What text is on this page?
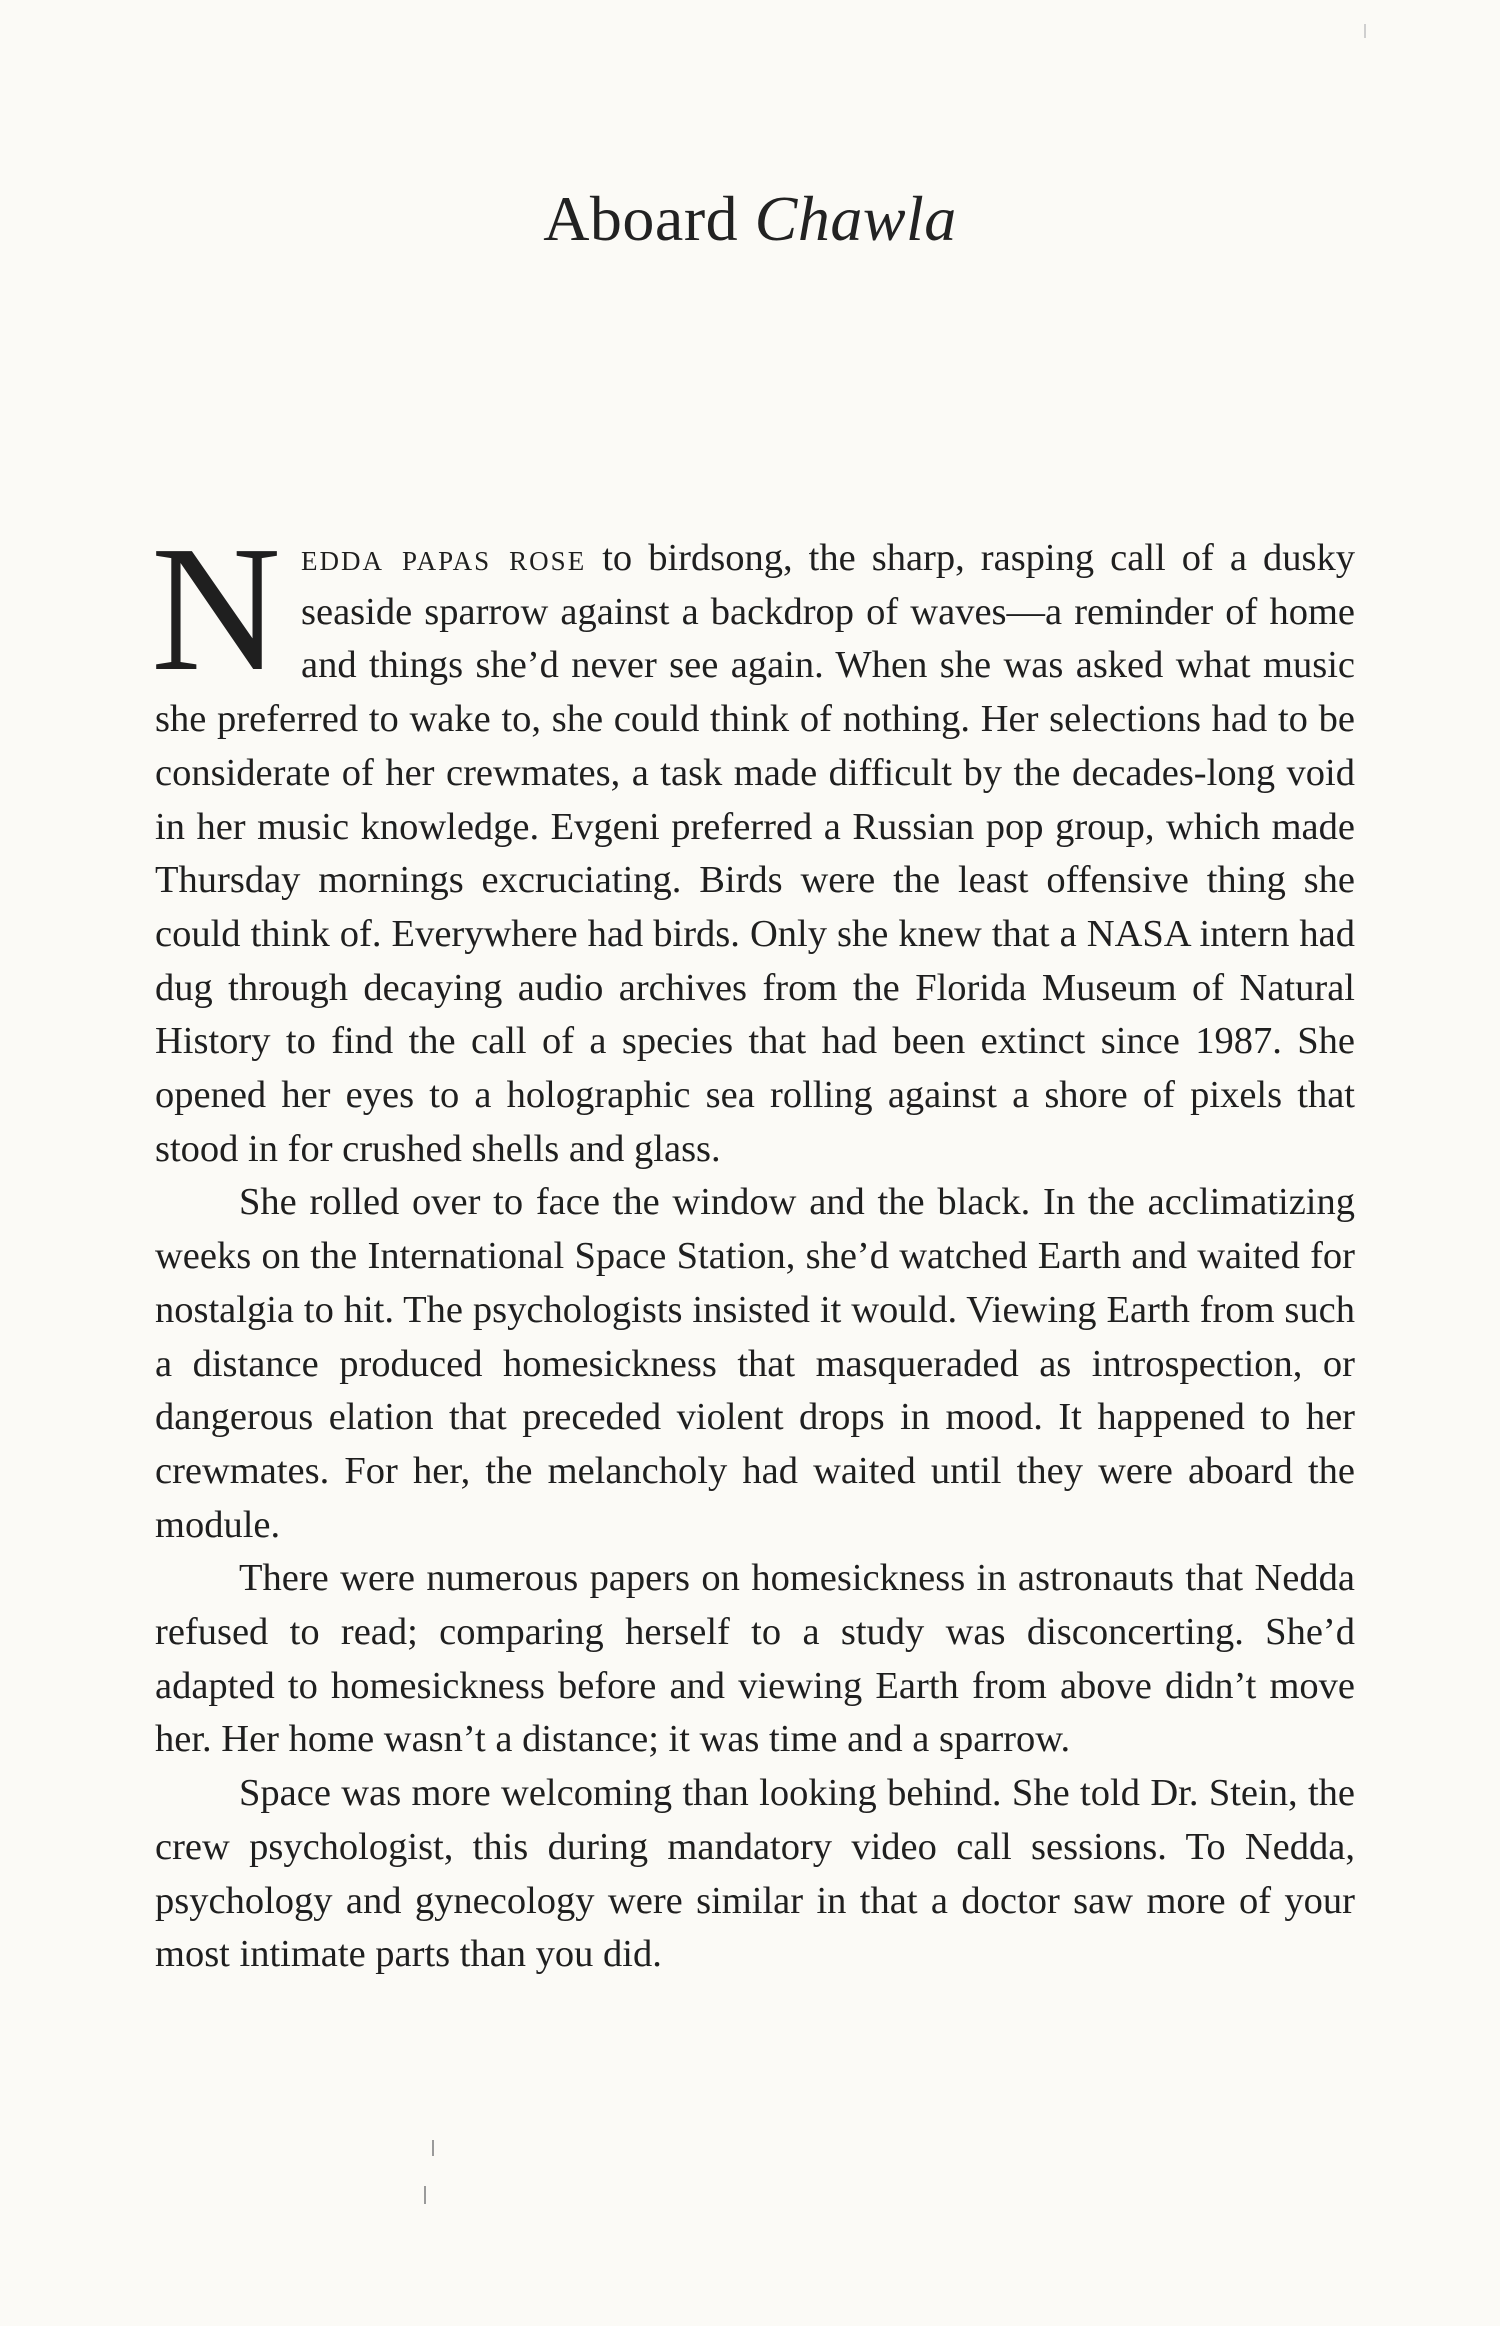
Aboard Chawla

Nedda papas rose to birdsong, the sharp, rasping call of a dusky seaside sparrow against a backdrop of waves—a reminder of home and things she’d never see again. When she was asked what music she preferred to wake to, she could think of nothing. Her selections had to be considerate of her crewmates, a task made difficult by the decades-long void in her music knowledge. Evgeni preferred a Russian pop group, which made Thursday mornings excruciating. Birds were the least offensive thing she could think of. Everywhere had birds. Only she knew that a NASA intern had dug through decaying audio archives from the Florida Museum of Natural History to find the call of a species that had been extinct since 1987. She opened her eyes to a holographic sea rolling against a shore of pixels that stood in for crushed shells and glass.

She rolled over to face the window and the black. In the acclimatizing weeks on the International Space Station, she’d watched Earth and waited for nostalgia to hit. The psychologists insisted it would. Viewing Earth from such a distance produced homesickness that masqueraded as introspection, or dangerous elation that preceded violent drops in mood. It happened to her crewmates. For her, the melancholy had waited until they were aboard the module.

There were numerous papers on homesickness in astronauts that Nedda refused to read; comparing herself to a study was disconcerting. She’d adapted to homesickness before and viewing Earth from above didn’t move her. Her home wasn’t a distance; it was time and a sparrow.

Space was more welcoming than looking behind. She told Dr. Stein, the crew psychologist, this during mandatory video call sessions. To Nedda, psychology and gynecology were similar in that a doctor saw more of your most intimate parts than you did.
